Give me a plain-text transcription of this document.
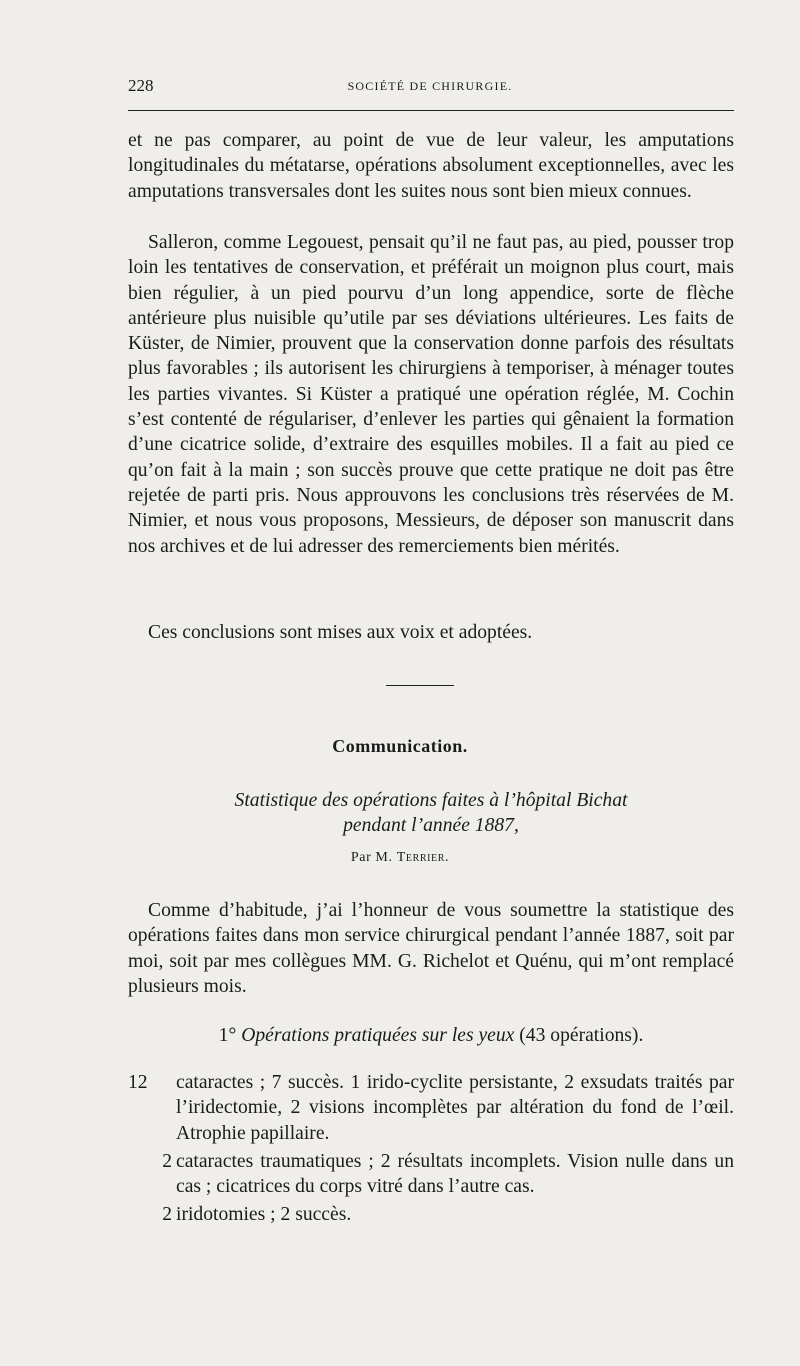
228	SOCIÉTÉ DE CHIRURGIE.

et ne pas comparer, au point de vue de leur valeur, les amputations longitudinales du métatarse, opérations absolument exceptionnelles, avec les amputations transversales dont les suites nous sont bien mieux connues.

Salleron, comme Legouest, pensait qu’il ne faut pas, au pied, pousser trop loin les tentatives de conservation, et préférait un moignon plus court, mais bien régulier, à un pied pourvu d’un long appendice, sorte de flèche antérieure plus nuisible qu’utile par ses déviations ultérieures. Les faits de Küster, de Nimier, prouvent que la conservation donne parfois des résultats plus favorables ; ils autorisent les chirurgiens à temporiser, à ménager toutes les parties vivantes. Si Küster a pratiqué une opération réglée, M. Cochin s’est contenté de régulariser, d’enlever les parties qui gênaient la formation d’une cicatrice solide, d’extraire des esquilles mobiles. Il a fait au pied ce qu’on fait à la main ; son succès prouve que cette pratique ne doit pas être rejetée de parti pris. Nous approuvons les conclusions très réservées de M. Nimier, et nous vous proposons, Messieurs, de déposer son manuscrit dans nos archives et de lui adresser des remerciements bien mérités.

Ces conclusions sont mises aux voix et adoptées.

Communication.
Statistique des opérations faites à l’hôpital Bichat
pendant l’année 1887,
Par M. Terrier.

Comme d’habitude, j’ai l’honneur de vous soumettre la statistique des opérations faites dans mon service chirurgical pendant l’année 1887, soit par moi, soit par mes collègues MM. G. Richelot et Quénu, qui m’ont remplacé plusieurs mois.

1° Opérations pratiquées sur les yeux (43 opérations).

12	cataractes ; 7 succès. 1 irido-cyclite persistante, 2 exsudats traités par l’iridectomie, 2 visions incomplètes par altération du fond de l’œil. Atrophie papillaire.
2 cataractes traumatiques ; 2 résultats incomplets. Vision nulle dans un cas ; cicatrices du corps vitré dans l’autre cas.
2 iridotomies ; 2 succès.
